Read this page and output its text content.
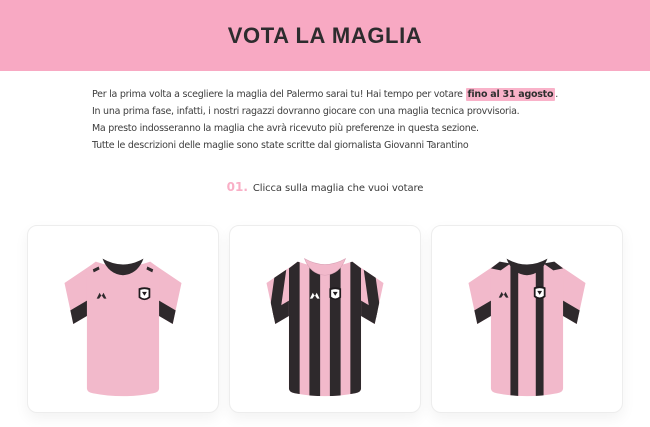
VOTA LA MAGLIA
Per la prima volta a scegliere la maglia del Palermo sarai tu! Hai tempo per votare fino al 31 agosto .
In una prima fase, infatti, i nostri ragazzi dovranno giocare con una maglia tecnica provvisoria.
Ma presto indosseranno la maglia che avrà ricevuto più preferenze in questa sezione.
Tutte le descrizioni delle maglie sono state scritte dal giornalista Giovanni Tarantino
01. Clicca sulla maglia che vuoi votare
